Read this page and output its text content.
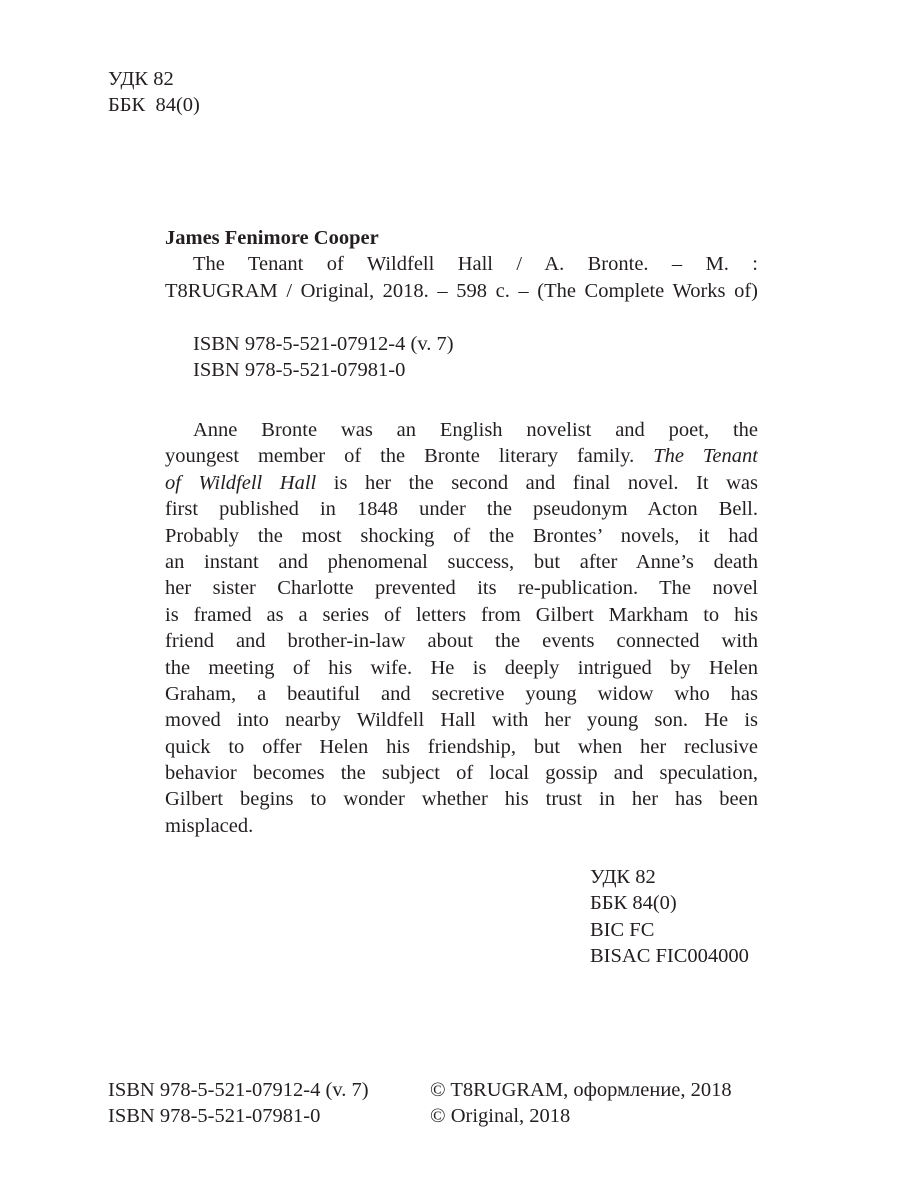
УДК 82
ББК  84(0)
James Fenimore Cooper
The Tenant of Wildfell Hall / A. Bronte. – M. :
T8RUGRAM / Original, 2018. – 598 c. – (The Complete Works of)
ISBN 978-5-521-07912-4 (v. 7)
ISBN 978-5-521-07981-0
Anne Bronte was an English novelist and poet, the
youngest member of the Bronte literary family. The Tenant
of Wildfell Hall is her the second and final novel. It was
first published in 1848 under the pseudonym Acton Bell.
Probably the most shocking of the Brontes’ novels, it had
an instant and phenomenal success, but after Anne’s death
her sister Charlotte prevented its re-publication. The novel
is framed as a series of letters from Gilbert Markham to his
friend and brother-in-law about the events connected with
the meeting of his wife. He is deeply intrigued by Helen
Graham, a beautiful and secretive young widow who has
moved into nearby Wildfell Hall with her young son. He is
quick to offer Helen his friendship, but when her reclusive
behavior becomes the subject of local gossip and speculation,
Gilbert begins to wonder whether his trust in her has been
misplaced.
УДК 82
ББК 84(0)
BIC FC
BISAC FIC004000
ISBN 978-5-521-07912-4 (v. 7)
ISBN 978-5-521-07981-0
© T8RUGRAM, оформление, 2018
© Original, 2018
